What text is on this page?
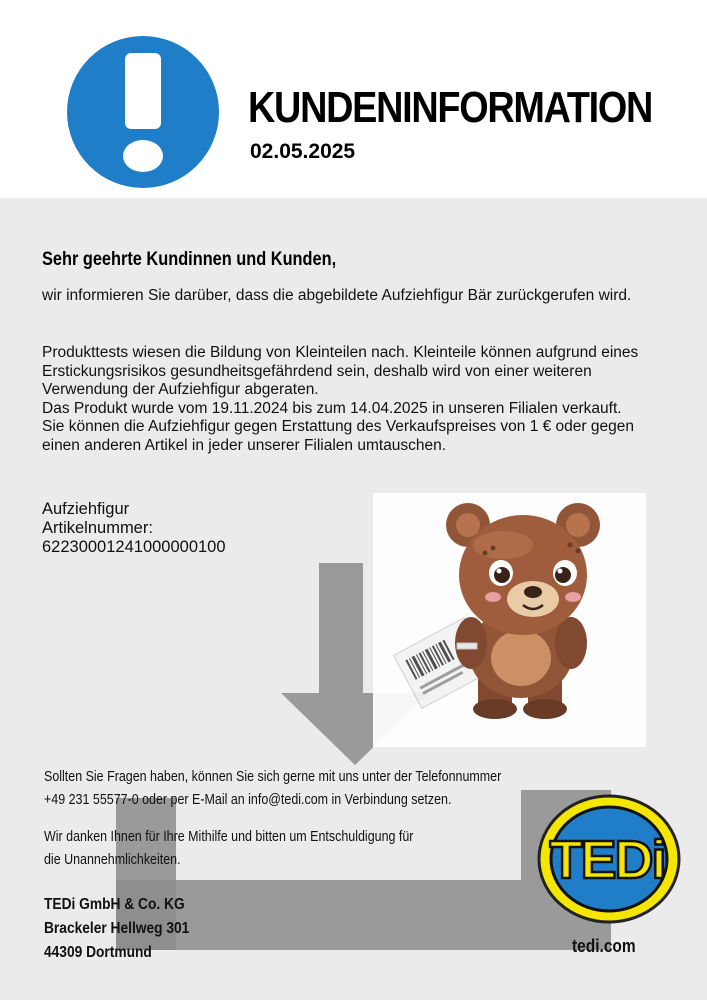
KUNDENINFORMATION
02.05.2025
Sehr geehrte Kundinnen und Kunden,

wir informieren Sie darüber, dass die abgebildete Aufziehfigur Bär zurückgerufen wird.

Produkttests wiesen die Bildung von Kleinteilen nach. Kleinteile können aufgrund eines Erstickungsrisikos gesundheitsgefährdend sein, deshalb wird von einer weiteren Verwendung der Aufziehfigur abgeraten.
Das Produkt wurde vom 19.11.2024 bis zum 14.04.2025 in unseren Filialen verkauft.
Sie können die Aufziehfigur gegen Erstattung des Verkaufspreises von 1 € oder gegen einen anderen Artikel in jeder unserer Filialen umtauschen.
Aufziehfigur
Artikelnummer:
62230001241000000100
Sollten Sie Fragen haben, können Sie sich gerne mit uns unter der Telefonnummer
+49 231 55577-0 oder per E-Mail an info@tedi.com in Verbindung setzen.
Wir danken Ihnen für Ihre Mithilfe und bitten um Entschuldigung für
die Unannehmlichkeiten.
TEDi GmbH & Co. KG
Brackeler Hellweg 301
44309 Dortmund
TEDi
tedi.com
